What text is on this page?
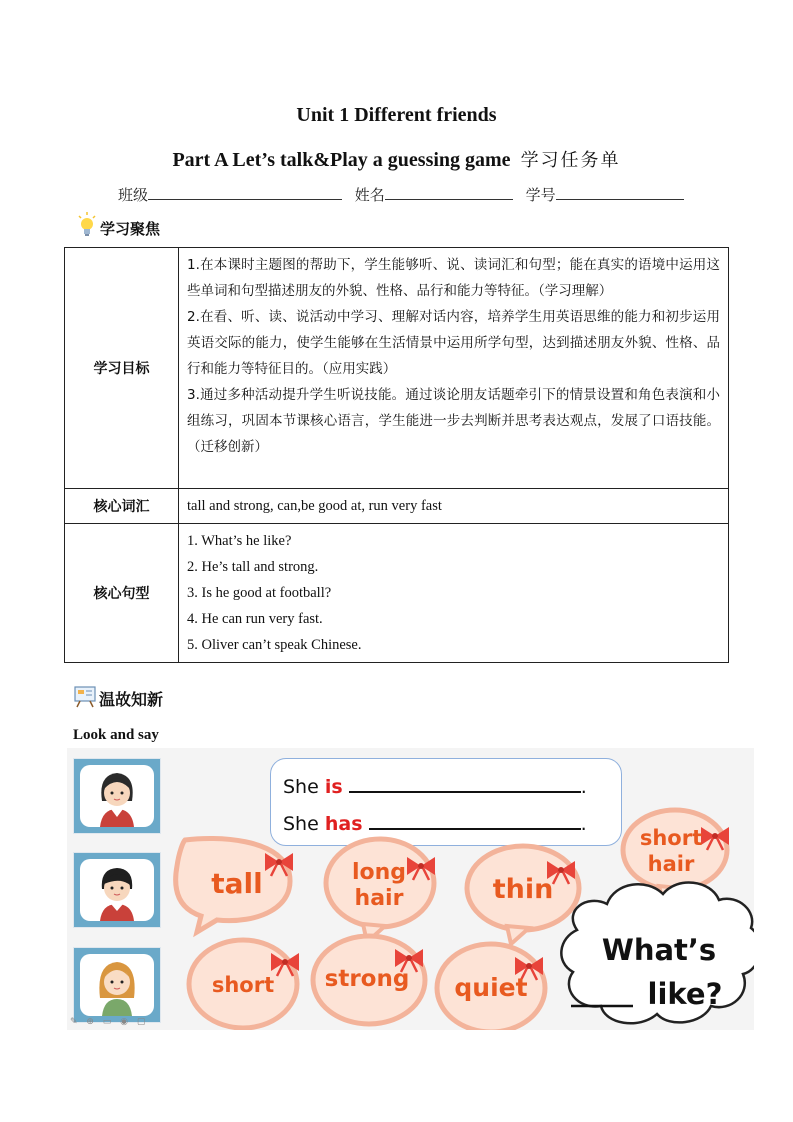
Unit 1 Different friends
Part A Let’s talk&Play a guessing game 学习任务单
班级	姓名	学号
学习聚焦
学习目标	1.在本课时主题图的帮助下，学生能够听、说、读词汇和句型；能在真实的语境中运用这些单词和句型描述朋友的外貌、性格、品行和能力等特征。（学习理解）

2.在看、听、读、说活动中学习、理解对话内容，培养学生用英语思维的能力和初步运用英语交际的能力，使学生能够在生活情景中运用所学句型，达到描述朋友外貌、性格、品行和能力等特征目的。（应用实践）

3.通过多种活动提升学生听说技能。通过谈论朋友话题牵引下的情景设置和角色表演和小组练习，巩固本节课核心语言，学生能进一步去判断并思考表达观点，发展了口语技能。（迁移创新）

核心词汇	tall and strong, can,be good at, run very fast

核心句型	1. What’s he like?
2. He’s tall and strong.
3. Is he good at football?
4. He can run very fast.
5. Oliver can’t speak Chinese.
温故知新
Look and say
She is	.
She has	.
tall	long
hair	thin
short
hair
short strong quiet
What’s
like?
✎ ⊕ ▭ ◉ ▢
